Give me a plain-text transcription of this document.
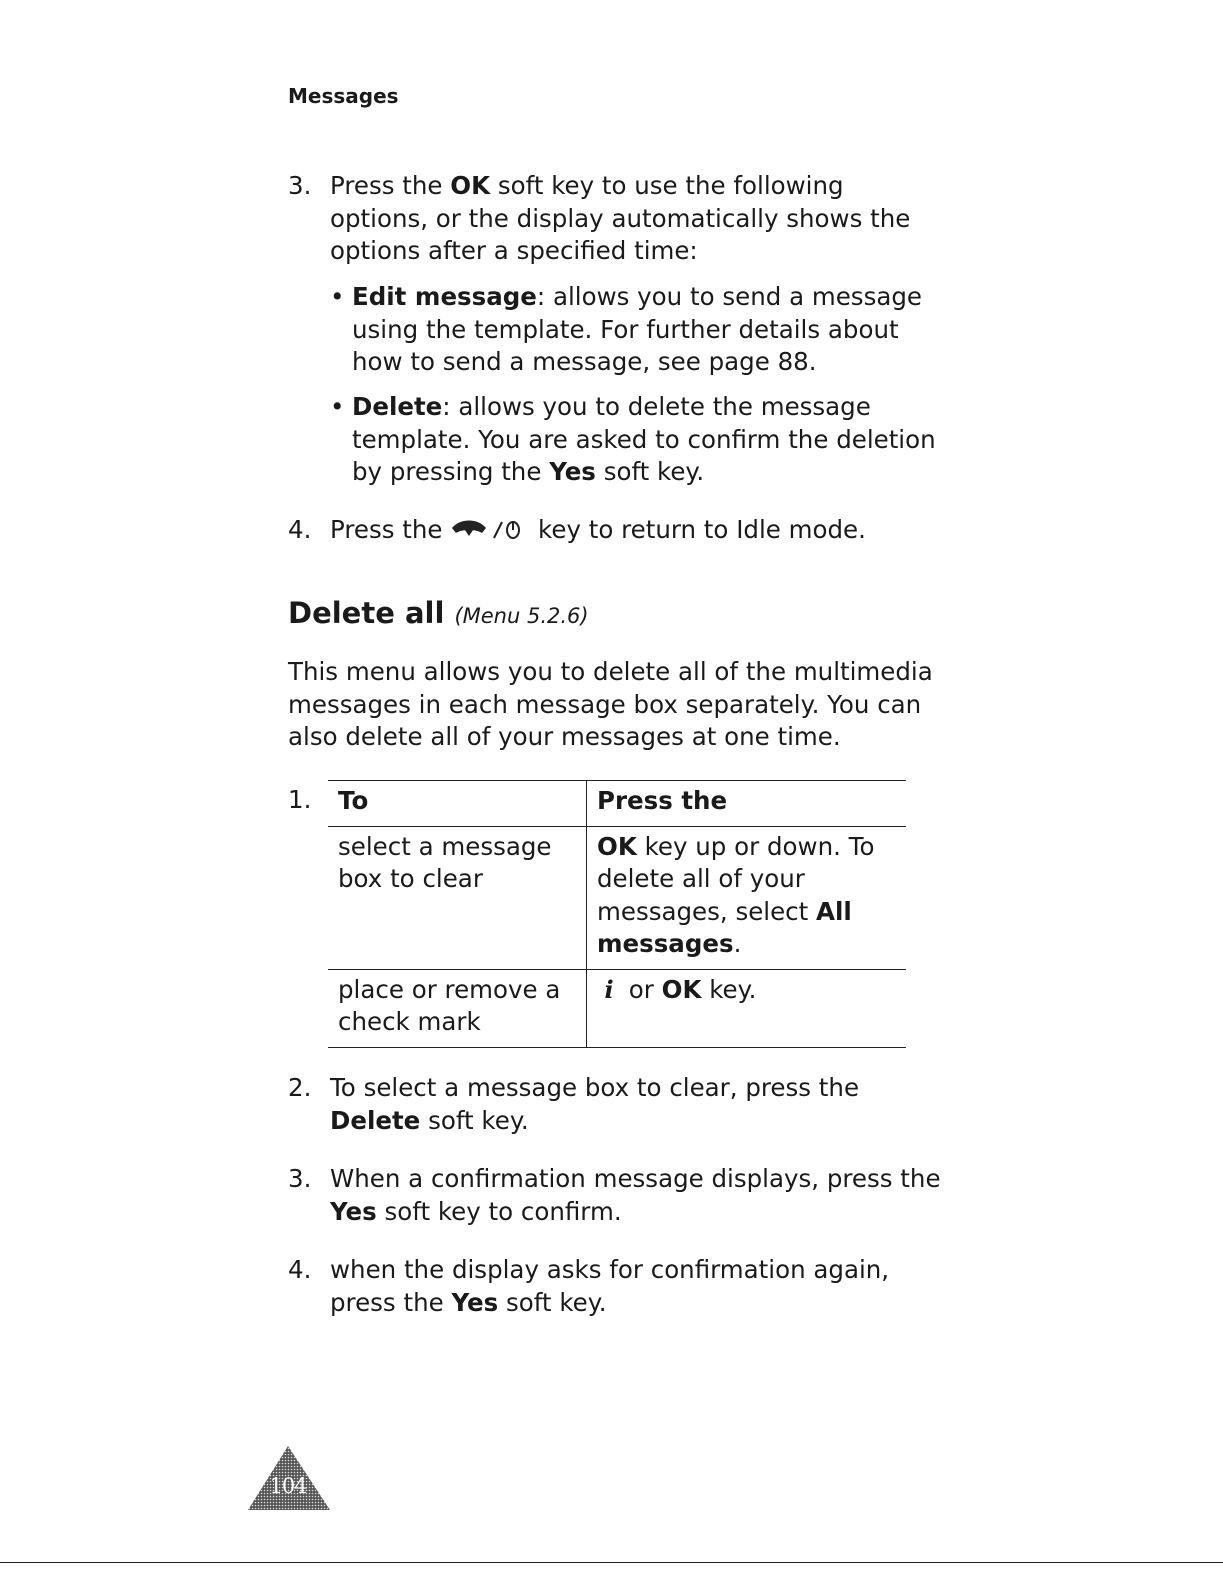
Messages
3. Press the OK soft key to use the following options, or the display automatically shows the options after a specified time:
• Edit message: allows you to send a message using the template. For further details about how to send a message, see page 88.
• Delete: allows you to delete the message template. You are asked to confirm the deletion by pressing the Yes soft key.
4. Press the	key to return to Idle mode.
Delete all (Menu 5.2.6)
This menu allows you to delete all of the multimedia messages in each message box separately. You can also delete all of your messages at one time.
1. To	Press the
select a message box to clear	OK key up or down. To delete all of your messages, select All messages.
place or remove a check mark	i or OK key.
2. To select a message box to clear, press the Delete soft key.
3. When a confirmation message displays, press the Yes soft key to confirm.
4. when the display asks for confirmation again, press the Yes soft key.
104
